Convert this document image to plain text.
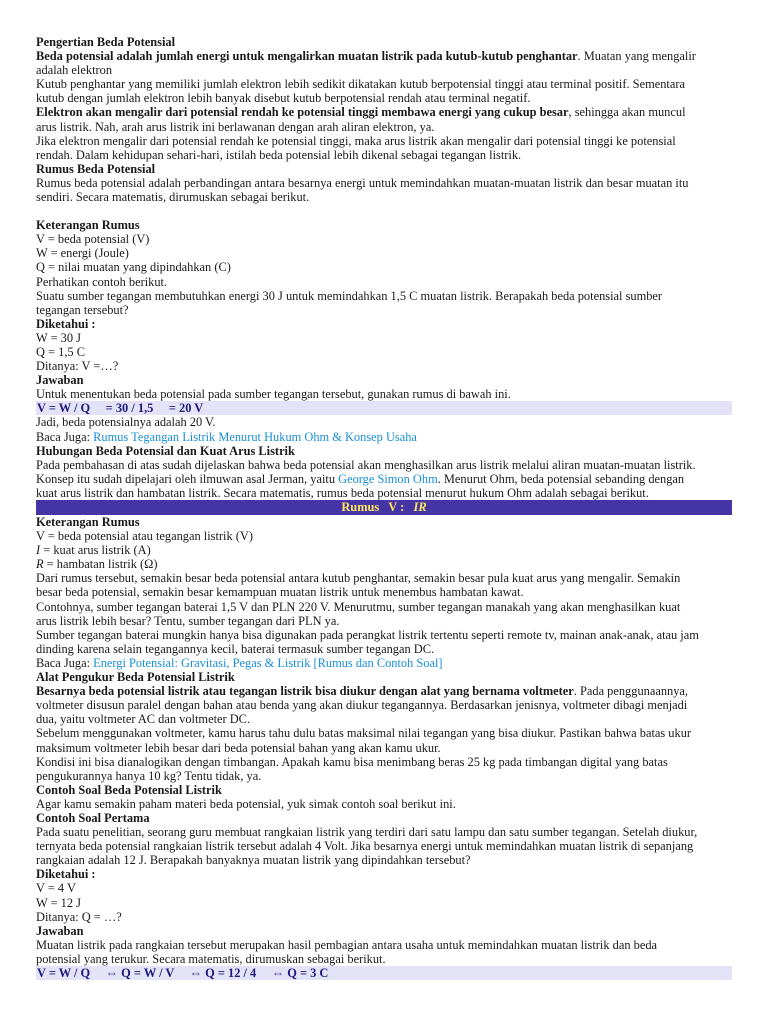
Pengertian Beda Potensial
Beda potensial adalah jumlah energi untuk mengalirkan muatan listrik pada kutub-kutub penghantar. Muatan yang mengalir
adalah elektron
Kutub penghantar yang memiliki jumlah elektron lebih sedikit dikatakan kutub berpotensial tinggi atau terminal positif. Sementara
kutub dengan jumlah elektron lebih banyak disebut kutub berpotensial rendah atau terminal negatif.
Elektron akan mengalir dari potensial rendah ke potensial tinggi membawa energi yang cukup besar, sehingga akan muncul
arus listrik. Nah, arah arus listrik ini berlawanan dengan arah aliran elektron, ya.
Jika elektron mengalir dari potensial rendah ke potensial tinggi, maka arus listrik akan mengalir dari potensial tinggi ke potensial
rendah. Dalam kehidupan sehari-hari, istilah beda potensial lebih dikenal sebagai tegangan listrik.
Rumus Beda Potensial
Rumus beda potensial adalah perbandingan antara besarnya energi untuk memindahkan muatan-muatan listrik dan besar muatan itu
sendiri. Secara matematis, dirumuskan sebagai berikut.
Keterangan Rumus
V = beda potensial (V)
W = energi (Joule)
Q = nilai muatan yang dipindahkan (C)
Perhatikan contoh berikut.
Suatu sumber tegangan membutuhkan energi 30 J untuk memindahkan 1,5 C muatan listrik. Berapakah beda potensial sumber
tegangan tersebut?
Diketahui :
W = 30 J
Q = 1,5 C
Ditanya: V =…?
Jawaban
Untuk menentukan beda potensial pada sumber tegangan tersebut, gunakan rumus di bawah ini.
V = W / Q     = 30 / 1,5     = 20 V
Jadi, beda potensialnya adalah 20 V.
Baca Juga: Rumus Tegangan Listrik Menurut Hukum Ohm & Konsep Usaha
Hubungan Beda Potensial dan Kuat Arus Listrik
Pada pembahasan di atas sudah dijelaskan bahwa beda potensial akan menghasilkan arus listrik melalui aliran muatan-muatan listrik.
Konsep itu sudah dipelajari oleh ilmuwan asal Jerman, yaitu George Simon Ohm. Menurut Ohm, beda potensial sebanding dengan
kuat arus listrik dan hambatan listrik. Secara matematis, rumus beda potensial menurut hukum Ohm adalah sebagai berikut.
Rumus   V :   IR
Keterangan Rumus
V = beda potensial atau tegangan listrik (V)
I = kuat arus listrik (A)
R = hambatan listrik (Ω)
Dari rumus tersebut, semakin besar beda potensial antara kutub penghantar, semakin besar pula kuat arus yang mengalir. Semakin
besar beda potensial, semakin besar kemampuan muatan listrik untuk menembus hambatan kawat.
Contohnya, sumber tegangan baterai 1,5 V dan PLN 220 V. Menurutmu, sumber tegangan manakah yang akan menghasilkan kuat
arus listrik lebih besar? Tentu, sumber tegangan dari PLN ya.
Sumber tegangan baterai mungkin hanya bisa digunakan pada perangkat listrik tertentu seperti remote tv, mainan anak-anak, atau jam
dinding karena selain tegangannya kecil, baterai termasuk sumber tegangan DC.
Baca Juga: Energi Potensial: Gravitasi, Pegas & Listrik [Rumus dan Contoh Soal]
Alat Pengukur Beda Potensial Listrik
Besarnya beda potensial listrik atau tegangan listrik bisa diukur dengan alat yang bernama voltmeter. Pada penggunaannya,
voltmeter disusun paralel dengan bahan atau benda yang akan diukur tegangannya. Berdasarkan jenisnya, voltmeter dibagi menjadi
dua, yaitu voltmeter AC dan voltmeter DC.
Sebelum menggunakan voltmeter, kamu harus tahu dulu batas maksimal nilai tegangan yang bisa diukur. Pastikan bahwa batas ukur
maksimum voltmeter lebih besar dari beda potensial bahan yang akan kamu ukur.
Kondisi ini bisa dianalogikan dengan timbangan. Apakah kamu bisa menimbang beras 25 kg pada timbangan digital yang batas
pengukurannya hanya 10 kg? Tentu tidak, ya.
Contoh Soal Beda Potensial Listrik
Agar kamu semakin paham materi beda potensial, yuk simak contoh soal berikut ini.
Contoh Soal Pertama
Pada suatu penelitian, seorang guru membuat rangkaian listrik yang terdiri dari satu lampu dan satu sumber tegangan. Setelah diukur,
ternyata beda potensial rangkaian listrik tersebut adalah 4 Volt. Jika besarnya energi untuk memindahkan muatan listrik di sepanjang
rangkaian adalah 12 J. Berapakah banyaknya muatan listrik yang dipindahkan tersebut?
Diketahui :
V = 4 V
W = 12 J
Ditanya: Q = …?
Jawaban
Muatan listrik pada rangkaian tersebut merupakan hasil pembagian antara usaha untuk memindahkan muatan listrik dan beda
potensial yang terukur. Secara matematis, dirumuskan sebagai berikut.
V = W / Q     ⇔ Q = W / V     ⇔ Q = 12 / 4     ⇔ Q = 3 C
